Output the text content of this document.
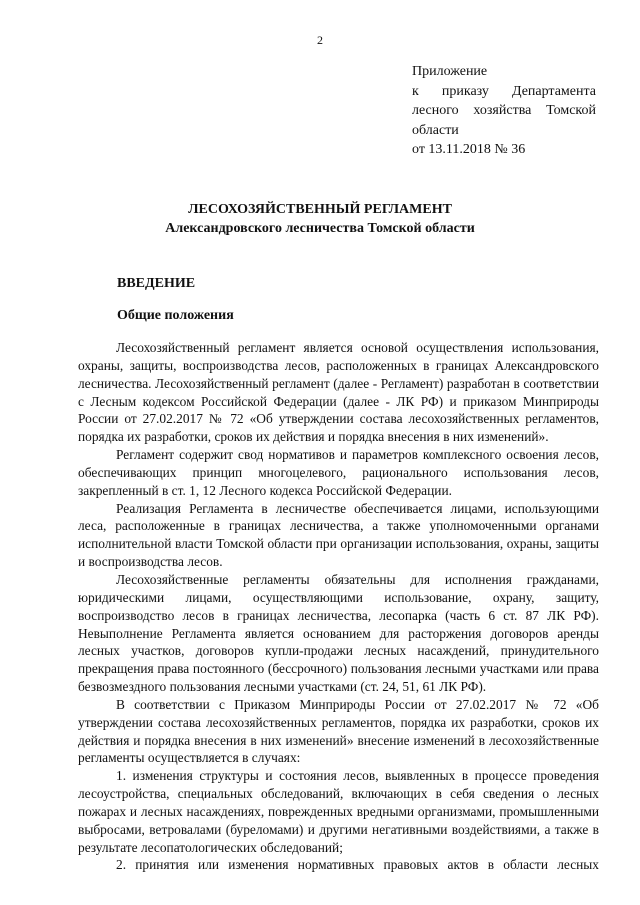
2
Приложение
к приказу Департамента
лесного хозяйства Томской
области
от 13.11.2018 № 36
ЛЕСОХОЗЯЙСТВЕННЫЙ РЕГЛАМЕНТ
Александровского лесничества Томской области
ВВЕДЕНИЕ
Общие положения

Лесохозяйственный регламент является основой осуществления использования, охраны, защиты, воспроизводства лесов, расположенных в границах Александровского лесничества. Лесохозяйственный регламент (далее - Регламент) разработан в соответствии с Лесным кодексом Российской Федерации (далее - ЛК РФ) и приказом Минприроды России от 27.02.2017 № 72 «Об утверждении состава лесохозяйственных регламентов, порядка их разработки, сроков их действия и порядка внесения в них изменений».

Регламент содержит свод нормативов и параметров комплексного освоения лесов, обеспечивающих принцип многоцелевого, рационального использования лесов, закрепленный в ст. 1, 12 Лесного кодекса Российской Федерации.

Реализация Регламента в лесничестве обеспечивается лицами, использующими леса, расположенные в границах лесничества, а также уполномоченными органами исполнительной власти Томской области при организации использования, охраны, защиты и воспроизводства лесов.

Лесохозяйственные регламенты обязательны для исполнения гражданами, юридическими лицами, осуществляющими использование, охрану, защиту, воспроизводство лесов в границах лесничества, лесопарка (часть 6 ст. 87 ЛК РФ). Невыполнение Регламента является основанием для расторжения договоров аренды лесных участков, договоров купли-продажи лесных насаждений, принудительного прекращения права постоянного (бессрочного) пользования лесными участками или права безвозмездного пользования лесными участками (ст. 24, 51, 61 ЛК РФ).

В соответствии с Приказом Минприроды России от 27.02.2017 № 72 «Об утверждении состава лесохозяйственных регламентов, порядка их разработки, сроков их действия и порядка внесения в них изменений» внесение изменений в лесохозяйственные регламенты осуществляется в случаях:

1. изменения структуры и состояния лесов, выявленных в процессе проведения лесоустройства, специальных обследований, включающих в себя сведения о лесных пожарах и лесных насаждениях, поврежденных вредными организмами, промышленными выбросами, ветровалами (буреломами) и другими негативными воздействиями, а также в результате лесопатологических обследований;

2. принятия или изменения нормативных правовых актов в области лесных
